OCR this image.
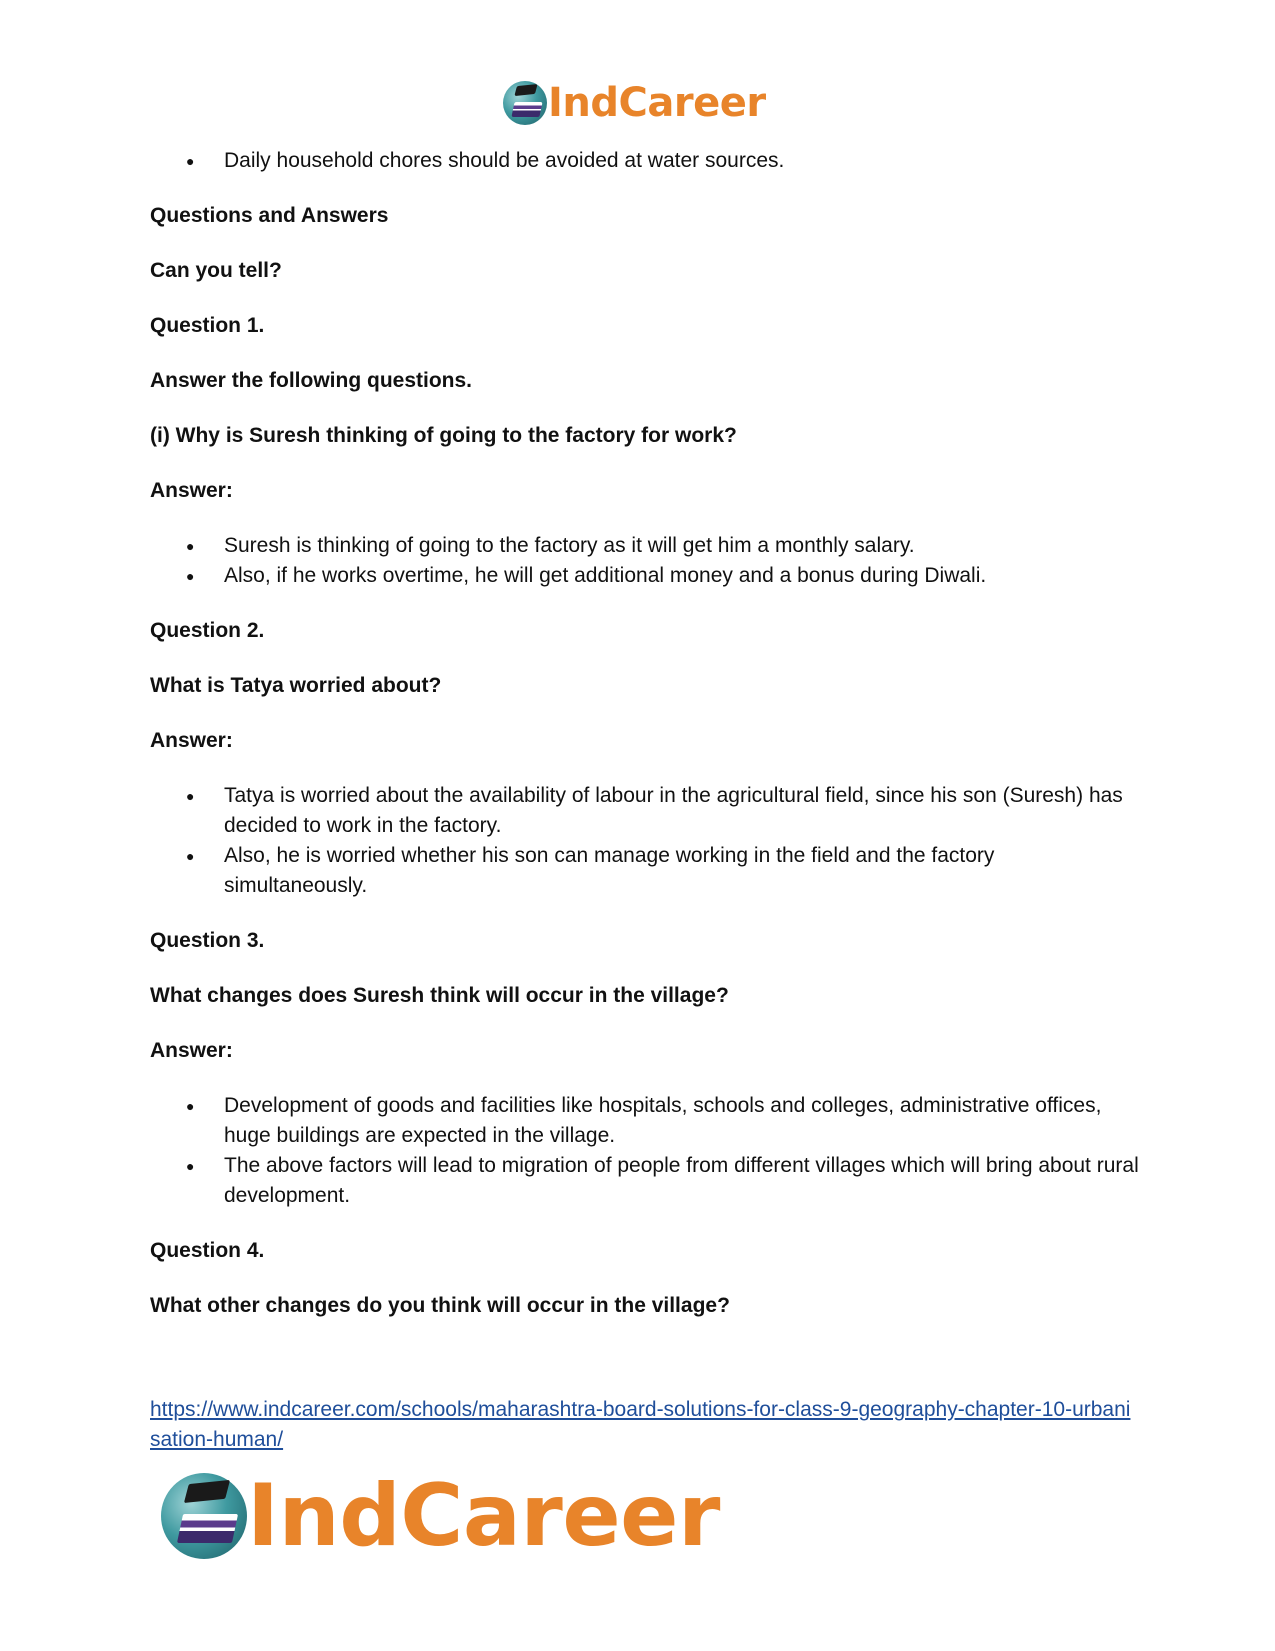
IndCareer
● Daily household chores should be avoided at water sources.

Questions and Answers

Can you tell?

Question 1.

Answer the following questions.

(i) Why is Suresh thinking of going to the factory for work?

Answer:

● Suresh is thinking of going to the factory as it will get him a monthly salary.
● Also, if he works overtime, he will get additional money and a bonus during Diwali.

Question 2.

What is Tatya worried about?

Answer:

● Tatya is worried about the availability of labour in the agricultural field, since his son (Suresh) has decided to work in the factory.
● Also, he is worried whether his son can manage working in the field and the factory simultaneously.

Question 3.

What changes does Suresh think will occur in the village?

Answer:

● Development of goods and facilities like hospitals, schools and colleges, administrative offices, huge buildings are expected in the village.
● The above factors will lead to migration of people from different villages which will bring about rural development.

Question 4.

What other changes do you think will occur in the village?

https://www.indcareer.com/schools/maharashtra-board-solutions-for-class-9-geography-chapter-10-urbanisation-human/
IndCareer
